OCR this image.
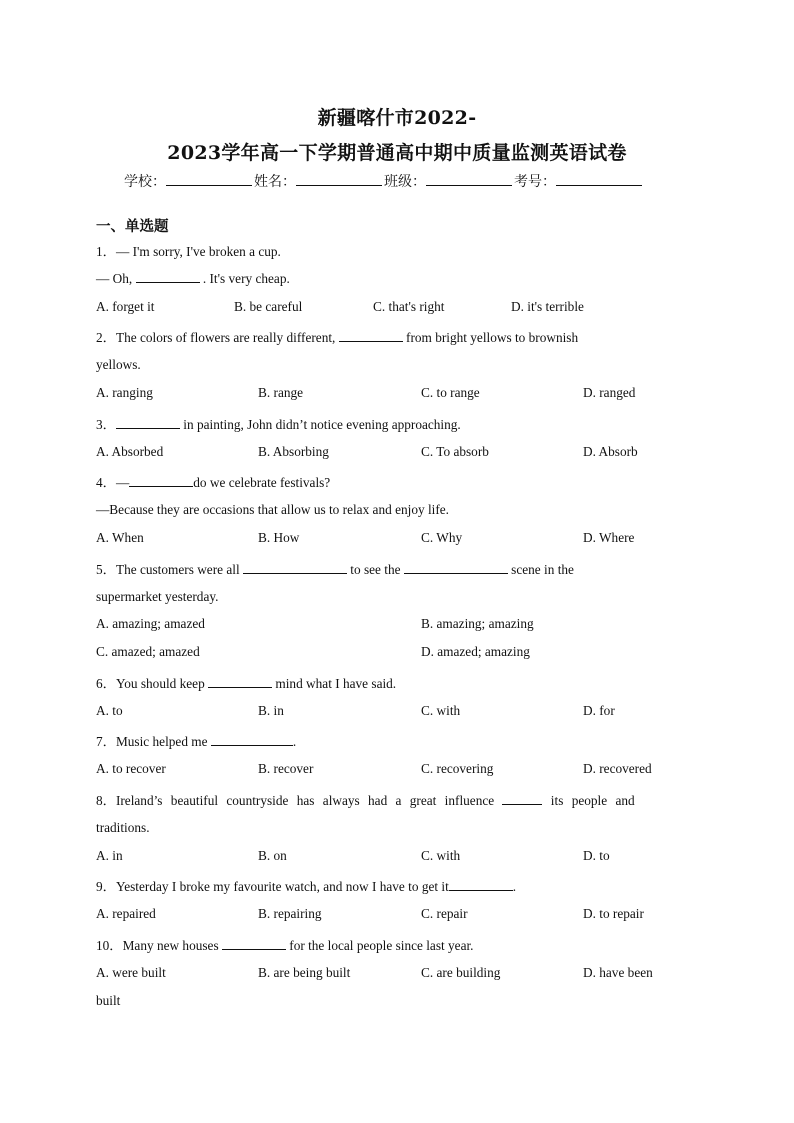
新疆喀什市2022-
2023学年高一下学期普通高中期中质量监测英语试卷
学校：	姓名：	班级：	考号：
一、单选题
1．— I'm sorry, I've broken a cup.
— Oh,	. It's very cheap.
A. forget it	B. be careful	C. that's right	D. it's terrible
2．The colors of flowers are really different,	from bright yellows to brownish
yellows.
A. ranging	B. range	C. to range	D. ranged
3．	in painting, John didn’t notice evening approaching.
A. Absorbed	B. Absorbing	C. To absorb	D. Absorb
4．—	do we celebrate festivals?
—Because they are occasions that allow us to relax and enjoy life.
A. When	B. How	C. Why	D. Where
5．The customers were all	to see the	scene in the
supermarket yesterday.
A. amazing; amazed	B. amazing; amazing
C. amazed; amazed	D. amazed; amazing
6．You should keep	mind what I have said.
A. to	B. in	C. with	D. for
7．Music helped me	.
A. to recover	B. recover	C. recovering	D. recovered
8．Ireland’s beautiful countryside has always had a great influence	its people and
traditions.
A. in	B. on	C. with	D. to
9．Yesterday I broke my favourite watch, and now I have to get it	.
A. repaired	B. repairing	C. repair	D. to repair
10．Many new houses	for the local people since last year.
A. were built	B. are being built	C. are building	D. have been
built
